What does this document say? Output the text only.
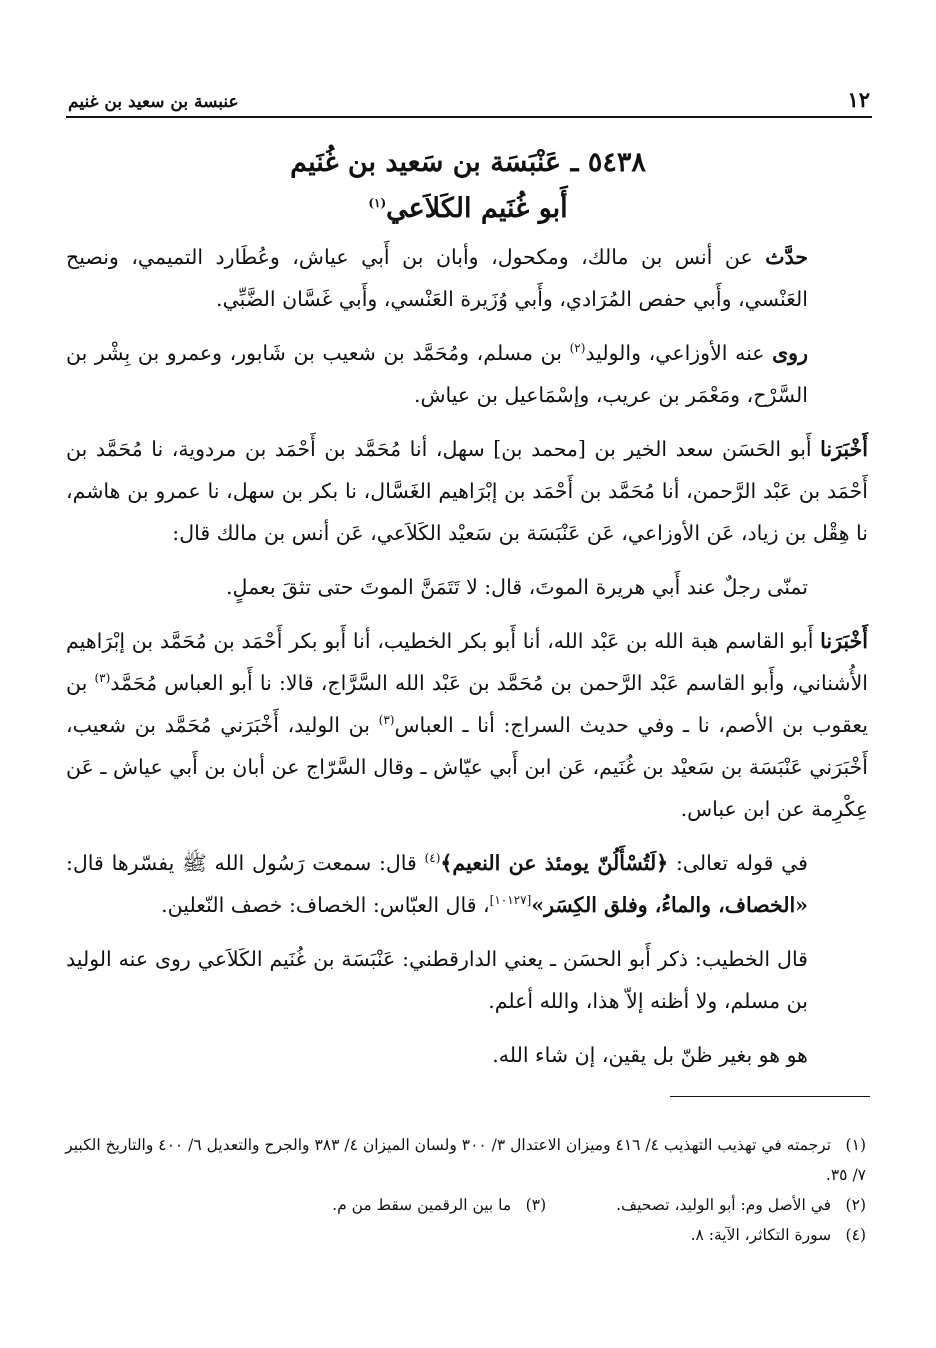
١٢
عنبسة بن سعيد بن غنيم
٥٤٣٨ ـ عَنْبَسَة بن سَعيد بن غُنَيم
أَبو غُنَيم الكَلاَعي$^{(١)}$

حدَّث عن أنس بن مالك، ومكحول، وأبان بن أَبي عياش، وعُطَارد التميمي، ونصيح العَنْسي، وأَبي حفص المُرَادي، وأَبي وُزَيرة العَنْسي، وأَبي غَسَّان الضَّبِّي.

روى عنه الأوزاعي، والوليد$^{(٢)}$ بن مسلم، ومُحَمَّد بن شعيب بن شَابور، وعمرو بن بِشْر بن السَّرْح، ومَعْمَر بن عريب، وإسْمَاعيل بن عياش.

أَخْبَرَنا أَبو الحَسَن سعد الخير بن [محمد بن] سهل، أنا مُحَمَّد بن أَحْمَد بن مردوية، نا مُحَمَّد بن أَحْمَد بن عَبْد الرَّحمن، أنا مُحَمَّد بن أَحْمَد بن إبْرَاهيم الغَسَّال، نا بكر بن سهل، نا عمرو بن هاشم، نا هِقْل بن زياد، عَن الأوزاعي، عَن عَنْبَسَة بن سَعيْد الكَلاَعي، عَن أنس بن مالك قال:

تمنّى رجلٌ عند أَبي هريرة الموتَ، قال: لا تَتَمَنَّ الموتَ حتى تثقَ بعملٍ.

أَخْبَرَنا أَبو القاسم هبة الله بن عَبْد الله، أنا أَبو بكر الخطيب، أنا أَبو بكر أَحْمَد بن مُحَمَّد بن إبْرَاهيم الأُشناني، وأَبو القاسم عَبْد الرَّحمن بن مُحَمَّد بن عَبْد الله السَّرَّاج، قالا: نا أَبو العباس مُحَمَّد$^{(٣)}$ بن يعقوب بن الأصم، نا ـ وفي حديث السراج: أنا ـ العباس$^{(٣)}$ بن الوليد، أَخْبَرَني مُحَمَّد بن شعيب، أَخْبَرَني عَنْبَسَة بن سَعيْد بن غُنَيم، عَن ابن أَبي عيّاش ـ وقال السَّرّاج عن أبان بن أَبي عياش ـ عَن عِكْرِمة عن ابن عباس.

في قوله تعالى: ﴿لَتُسْأَلُنّ يومئذ عن النعيم﴾$^{(٤)}$ قال: سمعت رَسُول الله ﷺ يفسّرها قال: «الخصاف، والماءُ، وفلق الكِسَر»[١٠١٢٧]، قال العبّاس: الخصاف: خصف النّعلين.

قال الخطيب: ذكر أَبو الحسَن ـ يعني الدارقطني: عَنْبَسَة بن غُنَيم الكَلاَعي روى عنه الوليد بن مسلم، ولا أظنه إلاّ هذا، والله أعلم.

هو هو بغير ظنّ بل يقين، إن شاء الله.

(١) ترجمته في تهذيب التهذيب ٤/ ٤١٦ وميزان الاعتدال ٣/ ٣٠٠ ولسان الميزان ٤/ ٣٨٣ والجرح والتعديل ٦/ ٤٠٠ والتاريخ الكبير ٧/ ٣٥.

(٢) في الأصل وم: أبو الوليد، تصحيف.

(٣) ما بين الرقمين سقط من م.

(٤) سورة التكاثر، الآية: ٨.
